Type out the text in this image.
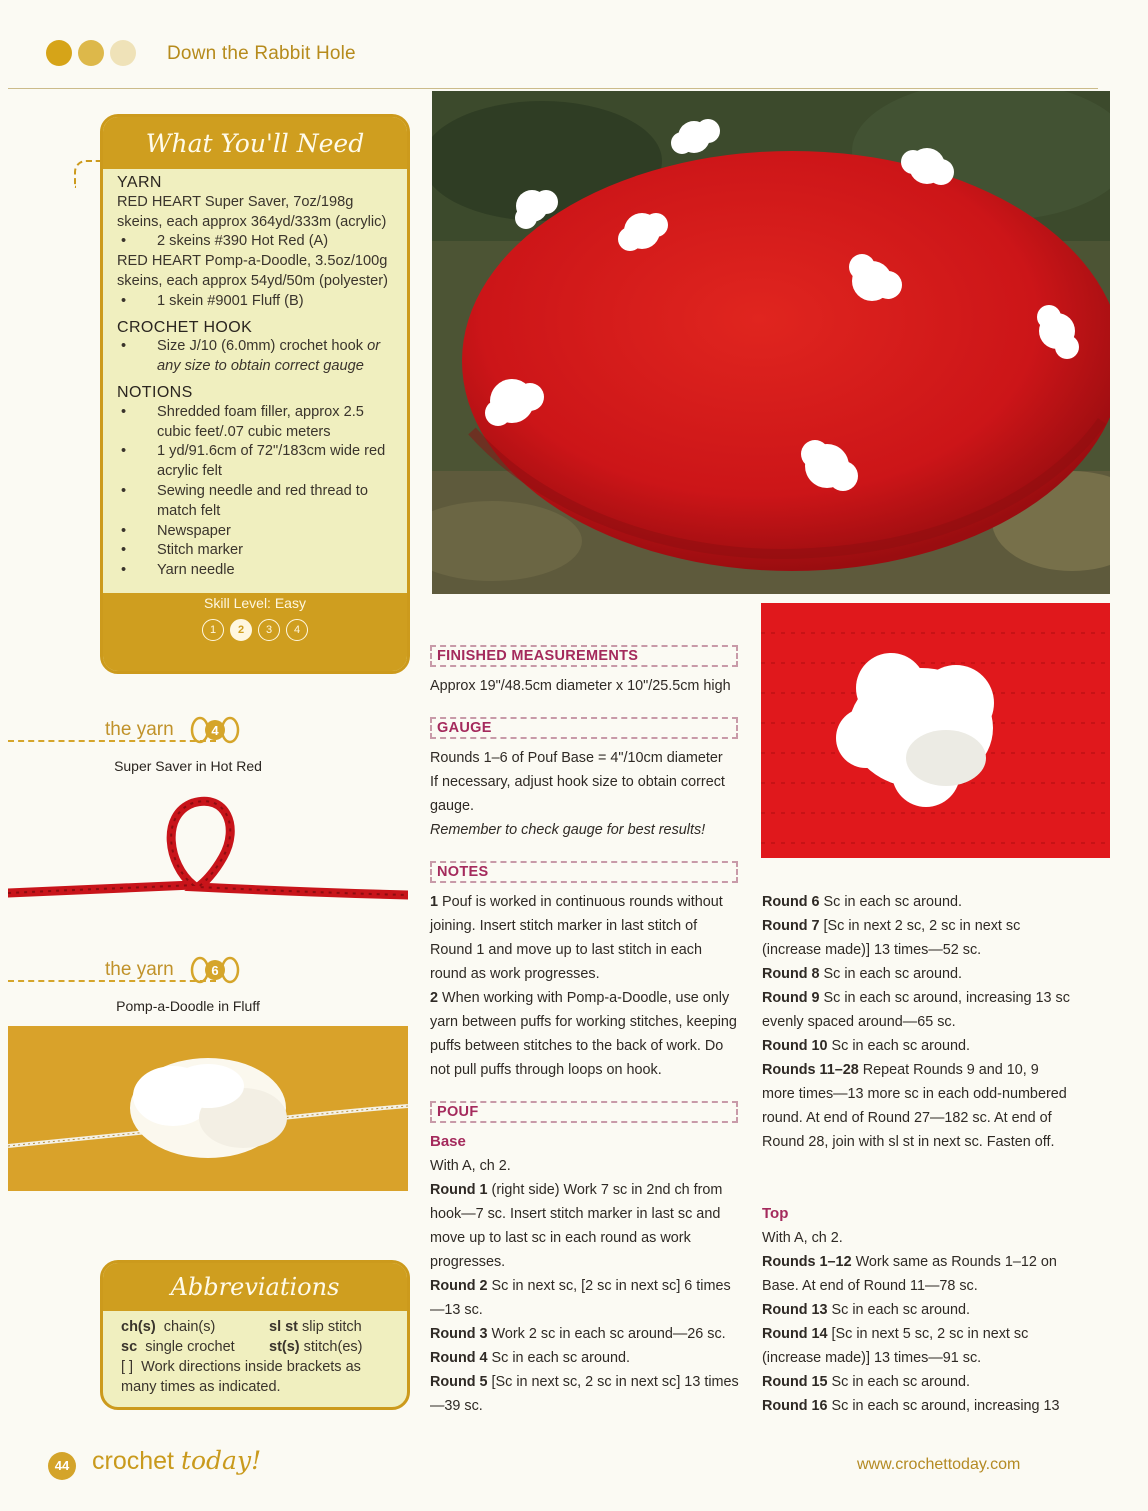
Down the Rabbit Hole
What You'll Need
YARN
RED HEART Super Saver, 7oz/198g
skeins, each approx 364yd/333m (acrylic)
•	2 skeins #390 Hot Red (A)
RED HEART Pomp-a-Doodle, 3.5oz/100g
skeins, each approx 54yd/50m (polyester)
•	1 skein #9001 Fluff (B)
CROCHET HOOK
•	Size J/10 (6.0mm) crochet hook or any size to obtain correct gauge
NOTIONS
•	Shredded foam filler, approx 2.5 cubic feet/.07 cubic meters
•	1 yd/91.6cm of 72"/183cm wide red acrylic felt
•	Sewing needle and red thread to match felt
•	Newspaper
•	Stitch marker
•	Yarn needle
Skill Level: Easy
1	2	3	4
the yarn	4
Super Saver in Hot Red
the yarn	6
Pomp-a-Doodle in Fluff
Abbreviations
ch(s) chain(s)	sl st slip stitch
sc single crochet	st(s) stitch(es)
[ ] Work directions inside brackets as many times as indicated.
FINISHED MEASUREMENTS
Approx 19"/48.5cm diameter x 10"/25.5cm high
GAUGE

Rounds 1–6 of Pouf Base = 4"/10cm diameter

If necessary, adjust hook size to obtain correct gauge.

Remember to check gauge for best results!

NOTES

1 Pouf is worked in continuous rounds without joining. Insert stitch marker in last stitch of Round 1 and move up to last stitch in each round as work progresses.

2 When working with Pomp-a-Doodle, use only yarn between puffs for working stitches, keeping puffs between stitches to the back of work. Do not pull puffs through loops on hook.

POUF

Base

With A, ch 2.

Round 1 (right side) Work 7 sc in 2nd ch from hook—7 sc. Insert stitch marker in last sc and move up to last sc in each round as work progresses.

Round 2 Sc in next sc, [2 sc in next sc] 6 times—13 sc.

Round 3 Work 2 sc in each sc around—26 sc.

Round 4 Sc in each sc around.

Round 5 [Sc in next sc, 2 sc in next sc] 13 times—39 sc.

Round 6 Sc in each sc around.

Round 7 [Sc in next 2 sc, 2 sc in next sc (increase made)] 13 times—52 sc.

Round 8 Sc in each sc around.

Round 9 Sc in each sc around, increasing 13 sc evenly spaced around—65 sc.

Round 10 Sc in each sc around.

Rounds 11–28 Repeat Rounds 9 and 10, 9 more times—13 more sc in each odd-numbered round. At end of Round 27—182 sc. At end of Round 28, join with sl st in next sc. Fasten off.

Top

With A, ch 2.

Rounds 1–12 Work same as Rounds 1–12 on Base. At end of Round 11—78 sc.

Round 13 Sc in each sc around.

Round 14 [Sc in next 5 sc, 2 sc in next sc (increase made)] 13 times—91 sc.

Round 15 Sc in each sc around.

Round 16 Sc in each sc around, increasing 13

44 crochet today!	www.crochettoday.com
